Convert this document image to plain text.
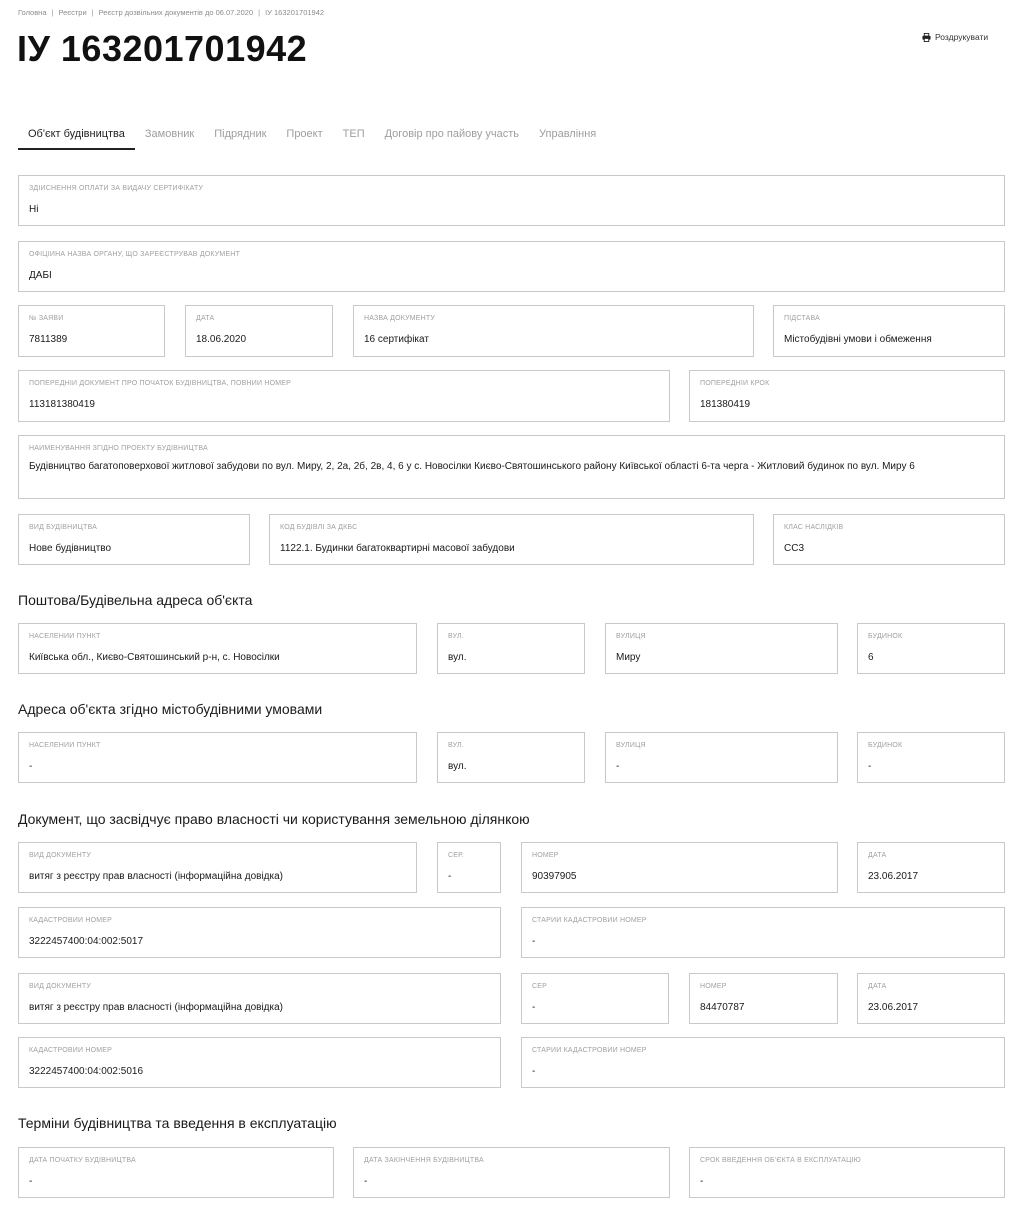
Головна | Реєстри | Реєстр дозвільних документів до 06.07.2020 | ІУ 163201701942
ІУ 163201701942	Роздрукувати
Об'єкт будівництва	Замовник	Підрядник	Проект	ТЕП	Договір про пайову участь	Управління
ЗДІЙСНЕННЯ ОПЛАТИ ЗА ВИДАЧУ СЕРТИФІКАТУ
Ні
ОФІЦІЙНА НАЗВА ОРГАНУ, ЩО ЗАРЕЄСТРУВАВ ДОКУМЕНТ
ДАБІ
№ ЗАЯВИ
7811389
ДАТА
18.06.2020
НАЗВА ДОКУМЕНТУ
16 сертифікат
ПІДСТАВА
Містобудівні умови і обмеження
ПОПЕРЕДНІЙ ДОКУМЕНТ ПРО ПОЧАТОК БУДІВНИЦТВА, ПОВНИЙ НОМЕР
113181380419
ПОПЕРЕДНІЙ КРОК
181380419
НАЙМЕНУВАННЯ ЗГІДНО ПРОЕКТУ БУДІВНИЦТВА
Будівництво багатоповерхової житлової забудови по вул. Миру, 2, 2а, 2б, 2в, 4, 6 у с. Новосілки Києво-Святошинського району Київської області 6-та черга - Житловий будинок по вул. Миру 6
ВИД БУДІВНИЦТВА
Нове будівництво
КОД БУДІВЛІ ЗА ДКБС
1122.1. Будинки багатоквартирні масової забудови
КЛАС НАСЛІДКІВ
СС3
Поштова/Будівельна адреса об'єкта
НАСЕЛЕНИЙ ПУНКТ
Київська обл., Києво-Святошинський р-н, с. Новосілки
ВУЛ.
вул.
ВУЛИЦЯ
Миру
БУДИНОК
6
Адреса об'єкта згідно містобудівними умовами
НАСЕЛЕНИЙ ПУНКТ
-
ВУЛ.
вул.
ВУЛИЦЯ
-
БУДИНОК
-
Документ, що засвідчує право власності чи користування земельною ділянкою
ВИД ДОКУМЕНТУ
витяг з реєстру прав власності (інформаційна довідка)
СЕР.
-
НОМЕР
90397905
ДАТА
23.06.2017
КАДАСТРОВИЙ НОМЕР
3222457400:04:002:5017
СТАРИЙ КАДАСТРОВИЙ НОМЕР
-
ВИД ДОКУМЕНТУ
витяг з реєстру прав власності (інформаційна довідка)
СЕР
-
НОМЕР
84470787
ДАТА
23.06.2017
КАДАСТРОВИЙ НОМЕР
3222457400:04:002:5016
СТАРИЙ КАДАСТРОВИЙ НОМЕР
-
Терміни будівництва та введення в експлуатацію
ДАТА ПОЧАТКУ БУДІВНИЦТВА
-
ДАТА ЗАКІНЧЕННЯ БУДІВНИЦТВА
-
СРОК ВВЕДЕННЯ ОБ'ЄКТА В ЕКСПЛУАТАЦІЮ
-
